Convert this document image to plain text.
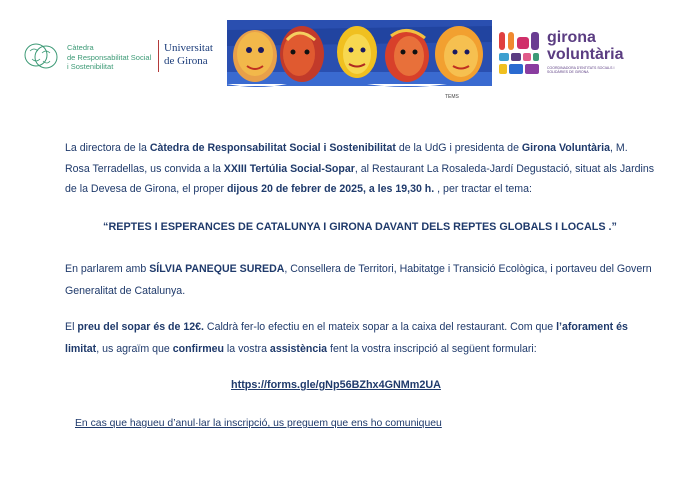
Càtedra
de Responsabilitat Social
i Sostenibilitat
Universitat
de Girona
TEMS
girona
voluntària
COORDINADORA D'ENTITATS SOCIALS I SOLIDÀRIES DE GIRONA

La directora de la Càtedra de Responsabilitat Social i Sostenibilitat de la UdG i presidenta de Girona Voluntària, M. Rosa Terradellas, us convida a la XXIII Tertúlia Social-Sopar, al Restaurant La Rosaleda-Jardí Degustació, situat als Jardins de la Devesa de Girona, el proper dijous 20 de febrer de 2025, a les 19,30 h. , per tractar el tema:

“REPTES I ESPERANCES DE CATALUNYA I GIRONA DAVANT DELS REPTES GLOBALS I LOCALS .”

En parlarem amb SÍLVIA PANEQUE SUREDA, Consellera de Territori, Habitatge i Transició Ecològica, i portaveu del Govern Generalitat de Catalunya.

El preu del sopar és de 12€. Caldrà fer-lo efectiu en el mateix sopar a la caixa del restaurant. Com que l’aforament és limitat, us agraïm que confirmeu la vostra assistència fent la vostra inscripció al següent formulari:

https://forms.gle/gNp56BZhx4GNMm2UA
En cas que hagueu d’anul·lar la inscripció, us preguem que ens ho comuniqueu
